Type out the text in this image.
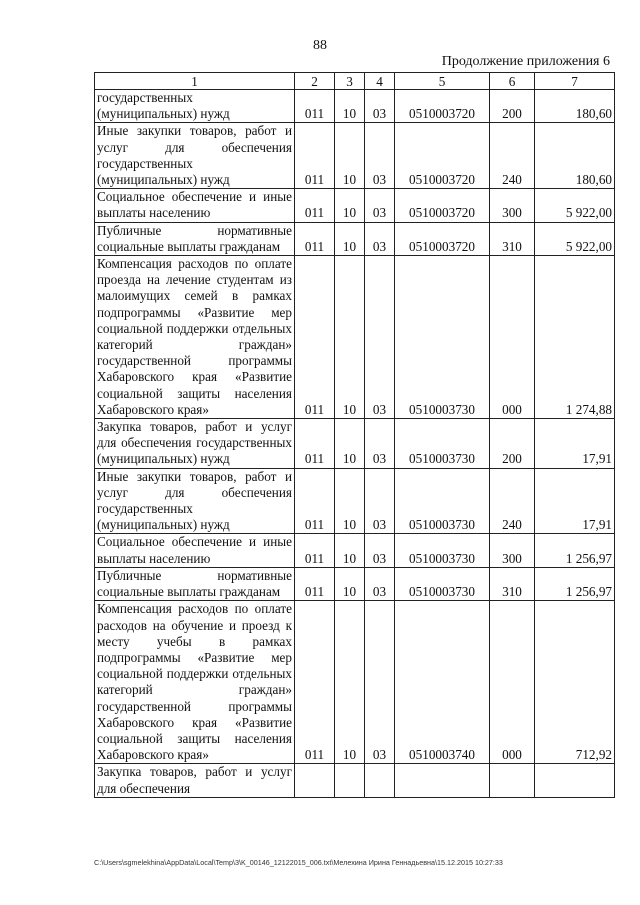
88
Продолжение приложения 6
1	2	3	4	5	6	7
государственных (муниципальных) нужд	011	10	03	0510003720	200	180,60
Иные закупки товаров, работ и услуг для обеспечения государственных (муниципальных) нужд	011	10	03	0510003720	240	180,60
Социальное обеспечение и иные выплаты населению	011	10	03	0510003720	300	5 922,00
Публичные нормативные социальные выплаты гражданам	011	10	03	0510003720	310	5 922,00
Компенсация расходов по оплате проезда на лечение студентам из малоимущих семей в рамках подпрограммы «Развитие мер социальной поддержки отдельных категорий граждан» государственной программы Хабаровского края «Развитие социальной защиты населения Хабаровского края»	011	10	03	0510003730	000	1 274,88
Закупка товаров, работ и услуг для обеспечения государственных (муниципальных) нужд	011	10	03	0510003730	200	17,91
Иные закупки товаров, работ и услуг для обеспечения государственных (муниципальных) нужд	011	10	03	0510003730	240	17,91
Социальное обеспечение и иные выплаты населению	011	10	03	0510003730	300	1 256,97
Публичные нормативные социальные выплаты гражданам	011	10	03	0510003730	310	1 256,97
Компенсация расходов по оплате расходов на обучение и проезд к месту учебы в рамках подпрограммы «Развитие мер социальной поддержки отдельных категорий граждан» государственной программы Хабаровского края «Развитие социальной защиты населения Хабаровского края»	011	10	03	0510003740	000	712,92
Закупка товаров, работ и услуг для обеспечения						
C:\Users\sgmelekhina\AppData\Local\Temp\3\K_00146_12122015_006.txt\Мелехина Ирина Геннадьевна\15.12.2015 10:27:33
